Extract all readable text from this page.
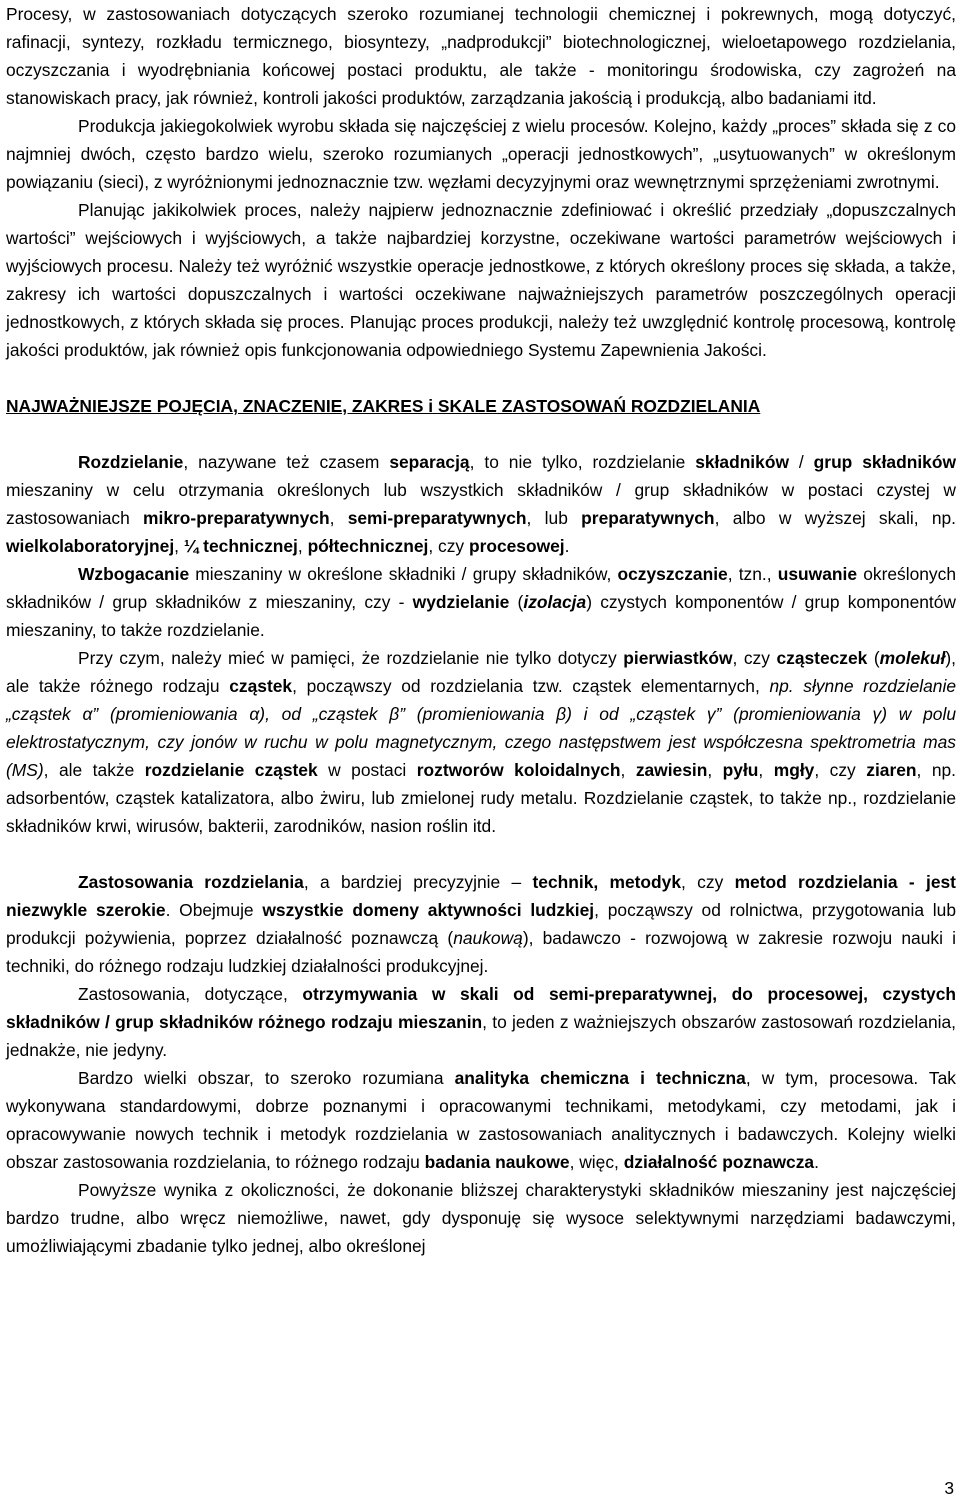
Procesy, w zastosowaniach dotyczących szeroko rozumianej technologii chemicznej i pokrewnych, mogą dotyczyć, rafinacji, syntezy, rozkładu termicznego, biosyntezy, „nadprodukcji” biotechnologicznej, wieloetapowego rozdzielania, oczyszczania i wyodrębniania końcowej postaci produktu, ale także - monitoringu środowiska, czy zagrożeń na stanowiskach pracy, jak również, kontroli jakości produktów, zarządzania jakością i produkcją, albo badaniami itd.

Produkcja jakiegokolwiek wyrobu składa się najczęściej z wielu procesów. Kolejno, każdy „proces” składa się z co najmniej dwóch, często bardzo wielu, szeroko rozumianych „operacji jednostkowych”, „usytuowanych” w określonym powiązaniu (sieci), z wyróżnionymi jednoznacznie tzw. węzłami decyzyjnymi oraz wewnętrznymi sprzężeniami zwrotnymi.

Planując jakikolwiek proces, należy najpierw jednoznacznie zdefiniować i określić przedziały „dopuszczalnych wartości” wejściowych i wyjściowych, a także najbardziej korzystne, oczekiwane wartości parametrów wejściowych i wyjściowych procesu. Należy też wyróżnić wszystkie operacje jednostkowe, z których określony proces się składa, a także, zakresy ich wartości dopuszczalnych i wartości oczekiwane najważniejszych parametrów poszczególnych operacji jednostkowych, z których składa się proces. Planując proces produkcji, należy też uwzględnić kontrolę procesową, kontrolę jakości produktów, jak również opis funkcjonowania odpowiedniego Systemu Zapewnienia Jakości.

NAJWAŻNIEJSZE POJĘCIA, ZNACZENIE, ZAKRES i SKALE ZASTOSOWAŃ ROZDZIELANIA

Rozdzielanie, nazywane też czasem separacją, to nie tylko, rozdzielanie składników / grup składników mieszaniny w celu otrzymania określonych lub wszystkich składników / grup składników w postaci czystej w zastosowaniach mikro-preparatywnych, semi-preparatywnych, lub preparatywnych, albo w wyższej skali, np. wielkolaboratoryjnej, ¼ technicznej, półtechnicznej, czy procesowej.

Wzbogacanie mieszaniny w określone składniki / grupy składników, oczyszczanie, tzn., usuwanie określonych składników / grup składników z mieszaniny, czy - wydzielanie (izolacja) czystych komponentów / grup komponentów mieszaniny, to także rozdzielanie.

Przy czym, należy mieć w pamięci, że rozdzielanie nie tylko dotyczy pierwiastków, czy cząsteczek (molekuł), ale także różnego rodzaju cząstek, począwszy od rozdzielania tzw. cząstek elementarnych, np. słynne rozdzielanie „cząstek α” (promieniowania α), od „cząstek β” (promieniowania β) i od „cząstek γ” (promieniowania γ) w polu elektrostatycznym, czy jonów w ruchu w polu magnetycznym, czego następstwem jest współczesna spektrometria mas (MS), ale także rozdzielanie cząstek w postaci roztworów koloidalnych, zawiesin, pyłu, mgły, czy ziaren, np. adsorbentów, cząstek katalizatora, albo żwiru, lub zmielonej rudy metalu. Rozdzielanie cząstek, to także np., rozdzielanie składników krwi, wirusów, bakterii, zarodników, nasion roślin itd.

Zastosowania rozdzielania, a bardziej precyzyjnie – technik, metodyk, czy metod rozdzielania - jest niezwykle szerokie. Obejmuje wszystkie domeny aktywności ludzkiej, począwszy od rolnictwa, przygotowania lub produkcji pożywienia, poprzez działalność poznawczą (naukową), badawczo - rozwojową w zakresie rozwoju nauki i techniki, do różnego rodzaju ludzkiej działalności produkcyjnej.

Zastosowania, dotyczące, otrzymywania w skali od semi-preparatywnej, do procesowej, czystych składników / grup składników różnego rodzaju mieszanin, to jeden z ważniejszych obszarów zastosowań rozdzielania, jednakże, nie jedyny.

Bardzo wielki obszar, to szeroko rozumiana analityka chemiczna i techniczna, w tym, procesowa. Tak wykonywana standardowymi, dobrze poznanymi i opracowanymi technikami, metodykami, czy metodami, jak i opracowywanie nowych technik i metodyk rozdzielania w zastosowaniach analitycznych i badawczych. Kolejny wielki obszar zastosowania rozdzielania, to różnego rodzaju badania naukowe, więc, działalność poznawcza.

Powyższe wynika z okoliczności, że dokonanie bliższej charakterystyki składników mieszaniny jest najczęściej bardzo trudne, albo wręcz niemożliwe, nawet, gdy dysponuję się wysoce selektywnymi narzędziami badawczymi, umożliwiającymi zbadanie tylko jednej, albo określonej

3
